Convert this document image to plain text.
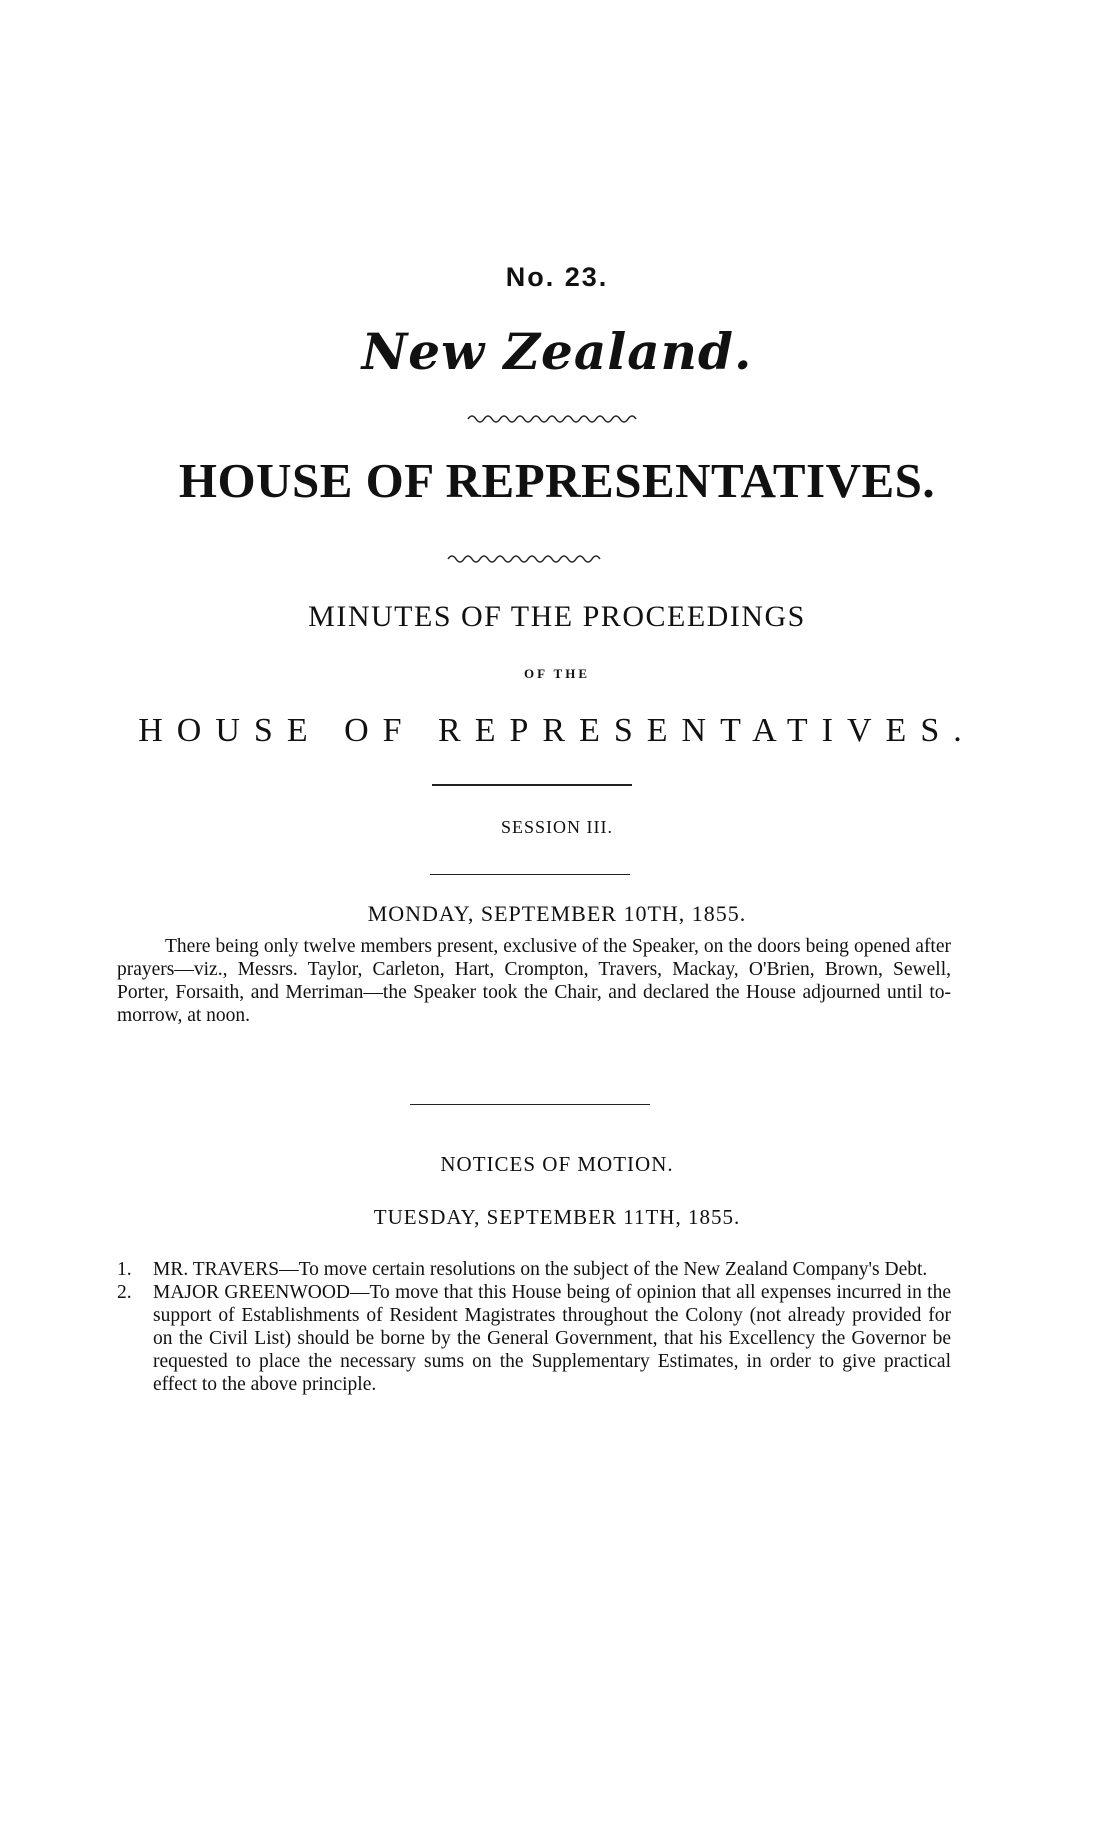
No. 23.
New Zealand.
HOUSE OF REPRESENTATIVES.
MINUTES OF THE PROCEEDINGS
OF THE
HOUSE OF REPRESENTATIVES.
SESSION III.
MONDAY, SEPTEMBER 10TH, 1855.

There being only twelve members present, exclusive of the Speaker, on the doors being opened after prayers—viz., Messrs. Taylor, Carleton, Hart, Crompton, Travers, Mackay, O'Brien, Brown, Sewell, Porter, Forsaith, and Merriman—the Speaker took the Chair, and declared the House adjourned until to-morrow, at noon.

NOTICES OF MOTION.
TUESDAY, SEPTEMBER 11TH, 1855.
1. MR. TRAVERS—To move certain resolutions on the subject of the New Zealand Company's Debt.
2. MAJOR GREENWOOD—To move that this House being of opinion that all expenses incurred in the support of Establishments of Resident Magistrates throughout the Colony (not already provided for on the Civil List) should be borne by the General Government, that his Excellency the Governor be requested to place the necessary sums on the Supplementary Estimates, in order to give practical effect to the above principle.
